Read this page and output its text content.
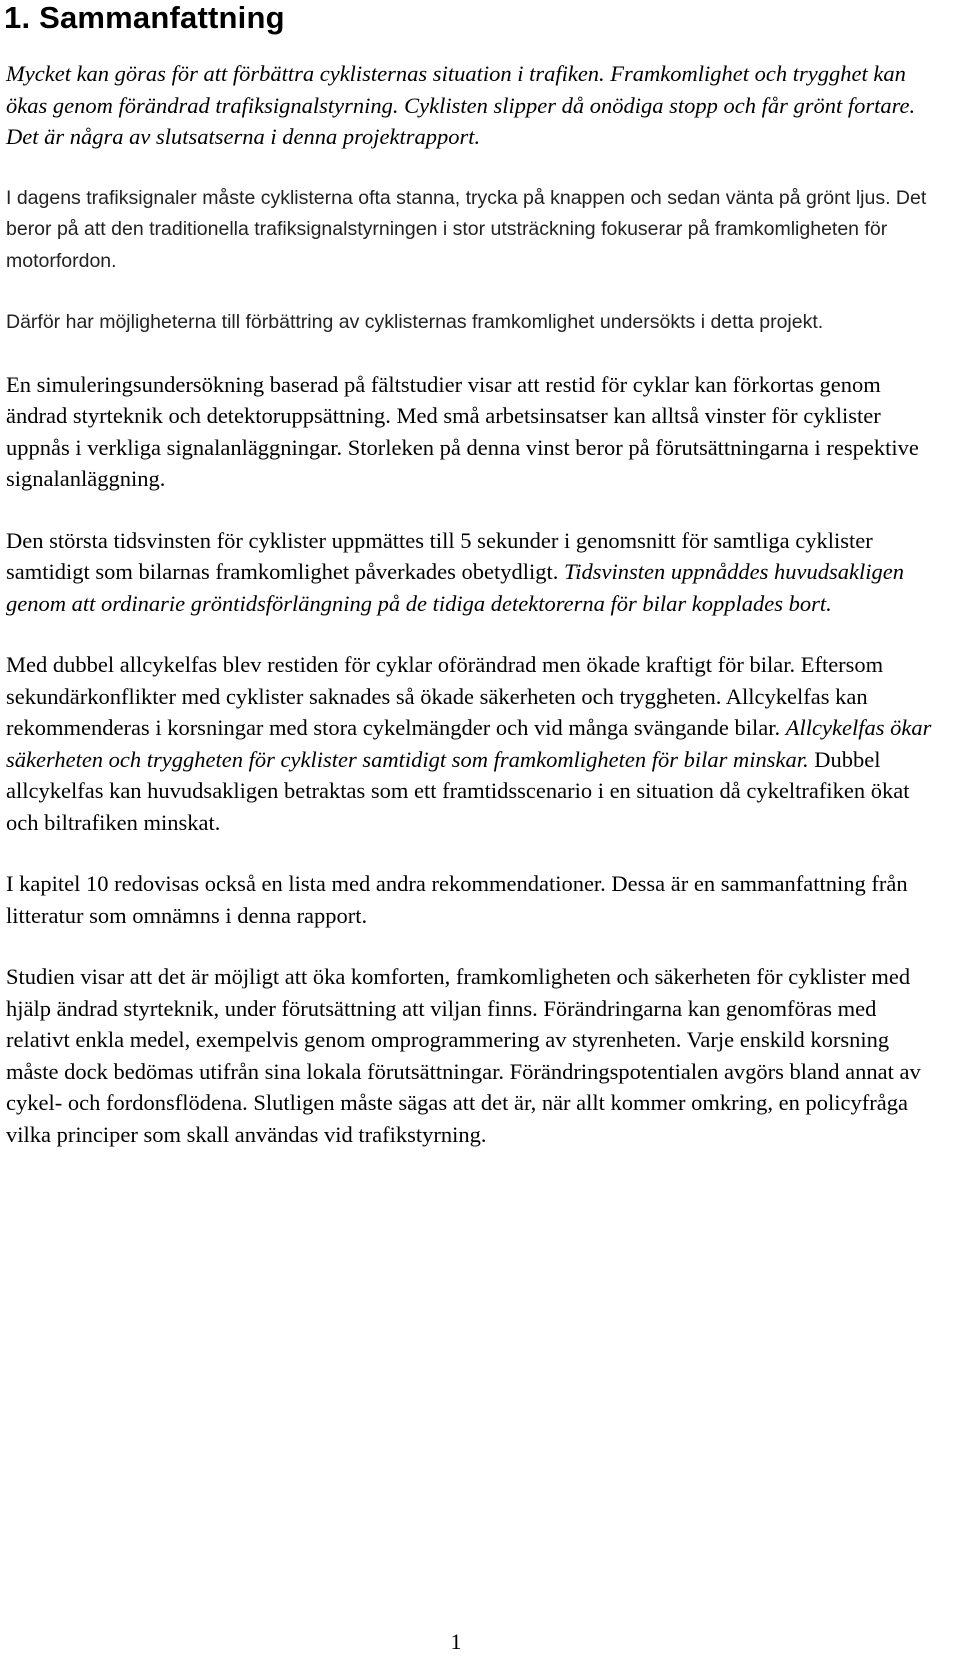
1. Sammanfattning

Mycket kan göras för att förbättra cyklisternas situation i trafiken. Framkomlighet och trygghet kan ökas genom förändrad trafiksignalstyrning. Cyklisten slipper då onödiga stopp och får grönt fortare. Det är några av slutsatserna i denna projektrapport.

I dagens trafiksignaler måste cyklisterna ofta stanna, trycka på knappen och sedan vänta på grönt ljus. Det beror på att den traditionella trafiksignalstyrningen i stor utsträckning fokuserar på framkomligheten för motorfordon.

Därför har möjligheterna till förbättring av cyklisternas framkomlighet undersökts i detta projekt.

En simuleringsundersökning baserad på fältstudier visar att restid för cyklar kan förkortas genom ändrad styrteknik och detektoruppsättning. Med små arbetsinsatser kan alltså vinster för cyklister uppnås i verkliga signalanläggningar. Storleken på denna vinst beror på förutsättningarna i respektive signalanläggning.

Den största tidsvinsten för cyklister uppmättes till 5 sekunder i genomsnitt för samtliga cyklister samtidigt som bilarnas framkomlighet påverkades obetydligt. Tidsvinsten uppnåddes huvudsakligen genom att ordinarie gröntidsförlängning på de tidiga detektorerna för bilar kopplades bort.

Med dubbel allcykelfas blev restiden för cyklar oförändrad men ökade kraftigt för bilar. Eftersom sekundärkonflikter med cyklister saknades så ökade säkerheten och tryggheten. Allcykelfas kan rekommenderas i korsningar med stora cykelmängder och vid många svängande bilar. Allcykelfas ökar säkerheten och tryggheten för cyklister samtidigt som framkomligheten för bilar minskar. Dubbel allcykelfas kan huvudsakligen betraktas som ett framtidsscenario i en situation då cykeltrafiken ökat och biltrafiken minskat.

I kapitel 10 redovisas också en lista med andra rekommendationer. Dessa är en sammanfattning från litteratur som omnämns i denna rapport.

Studien visar att det är möjligt att öka komforten, framkomligheten och säkerheten för cyklister med hjälp ändrad styrteknik, under förutsättning att viljan finns. Förändringarna kan genomföras med relativt enkla medel, exempelvis genom omprogrammering av styrenheten. Varje enskild korsning måste dock bedömas utifrån sina lokala förutsättningar. Förändringspotentialen avgörs bland annat av cykel- och fordonsflödena. Slutligen måste sägas att det är, när allt kommer omkring, en policyfråga vilka principer som skall användas vid trafikstyrning.

1
